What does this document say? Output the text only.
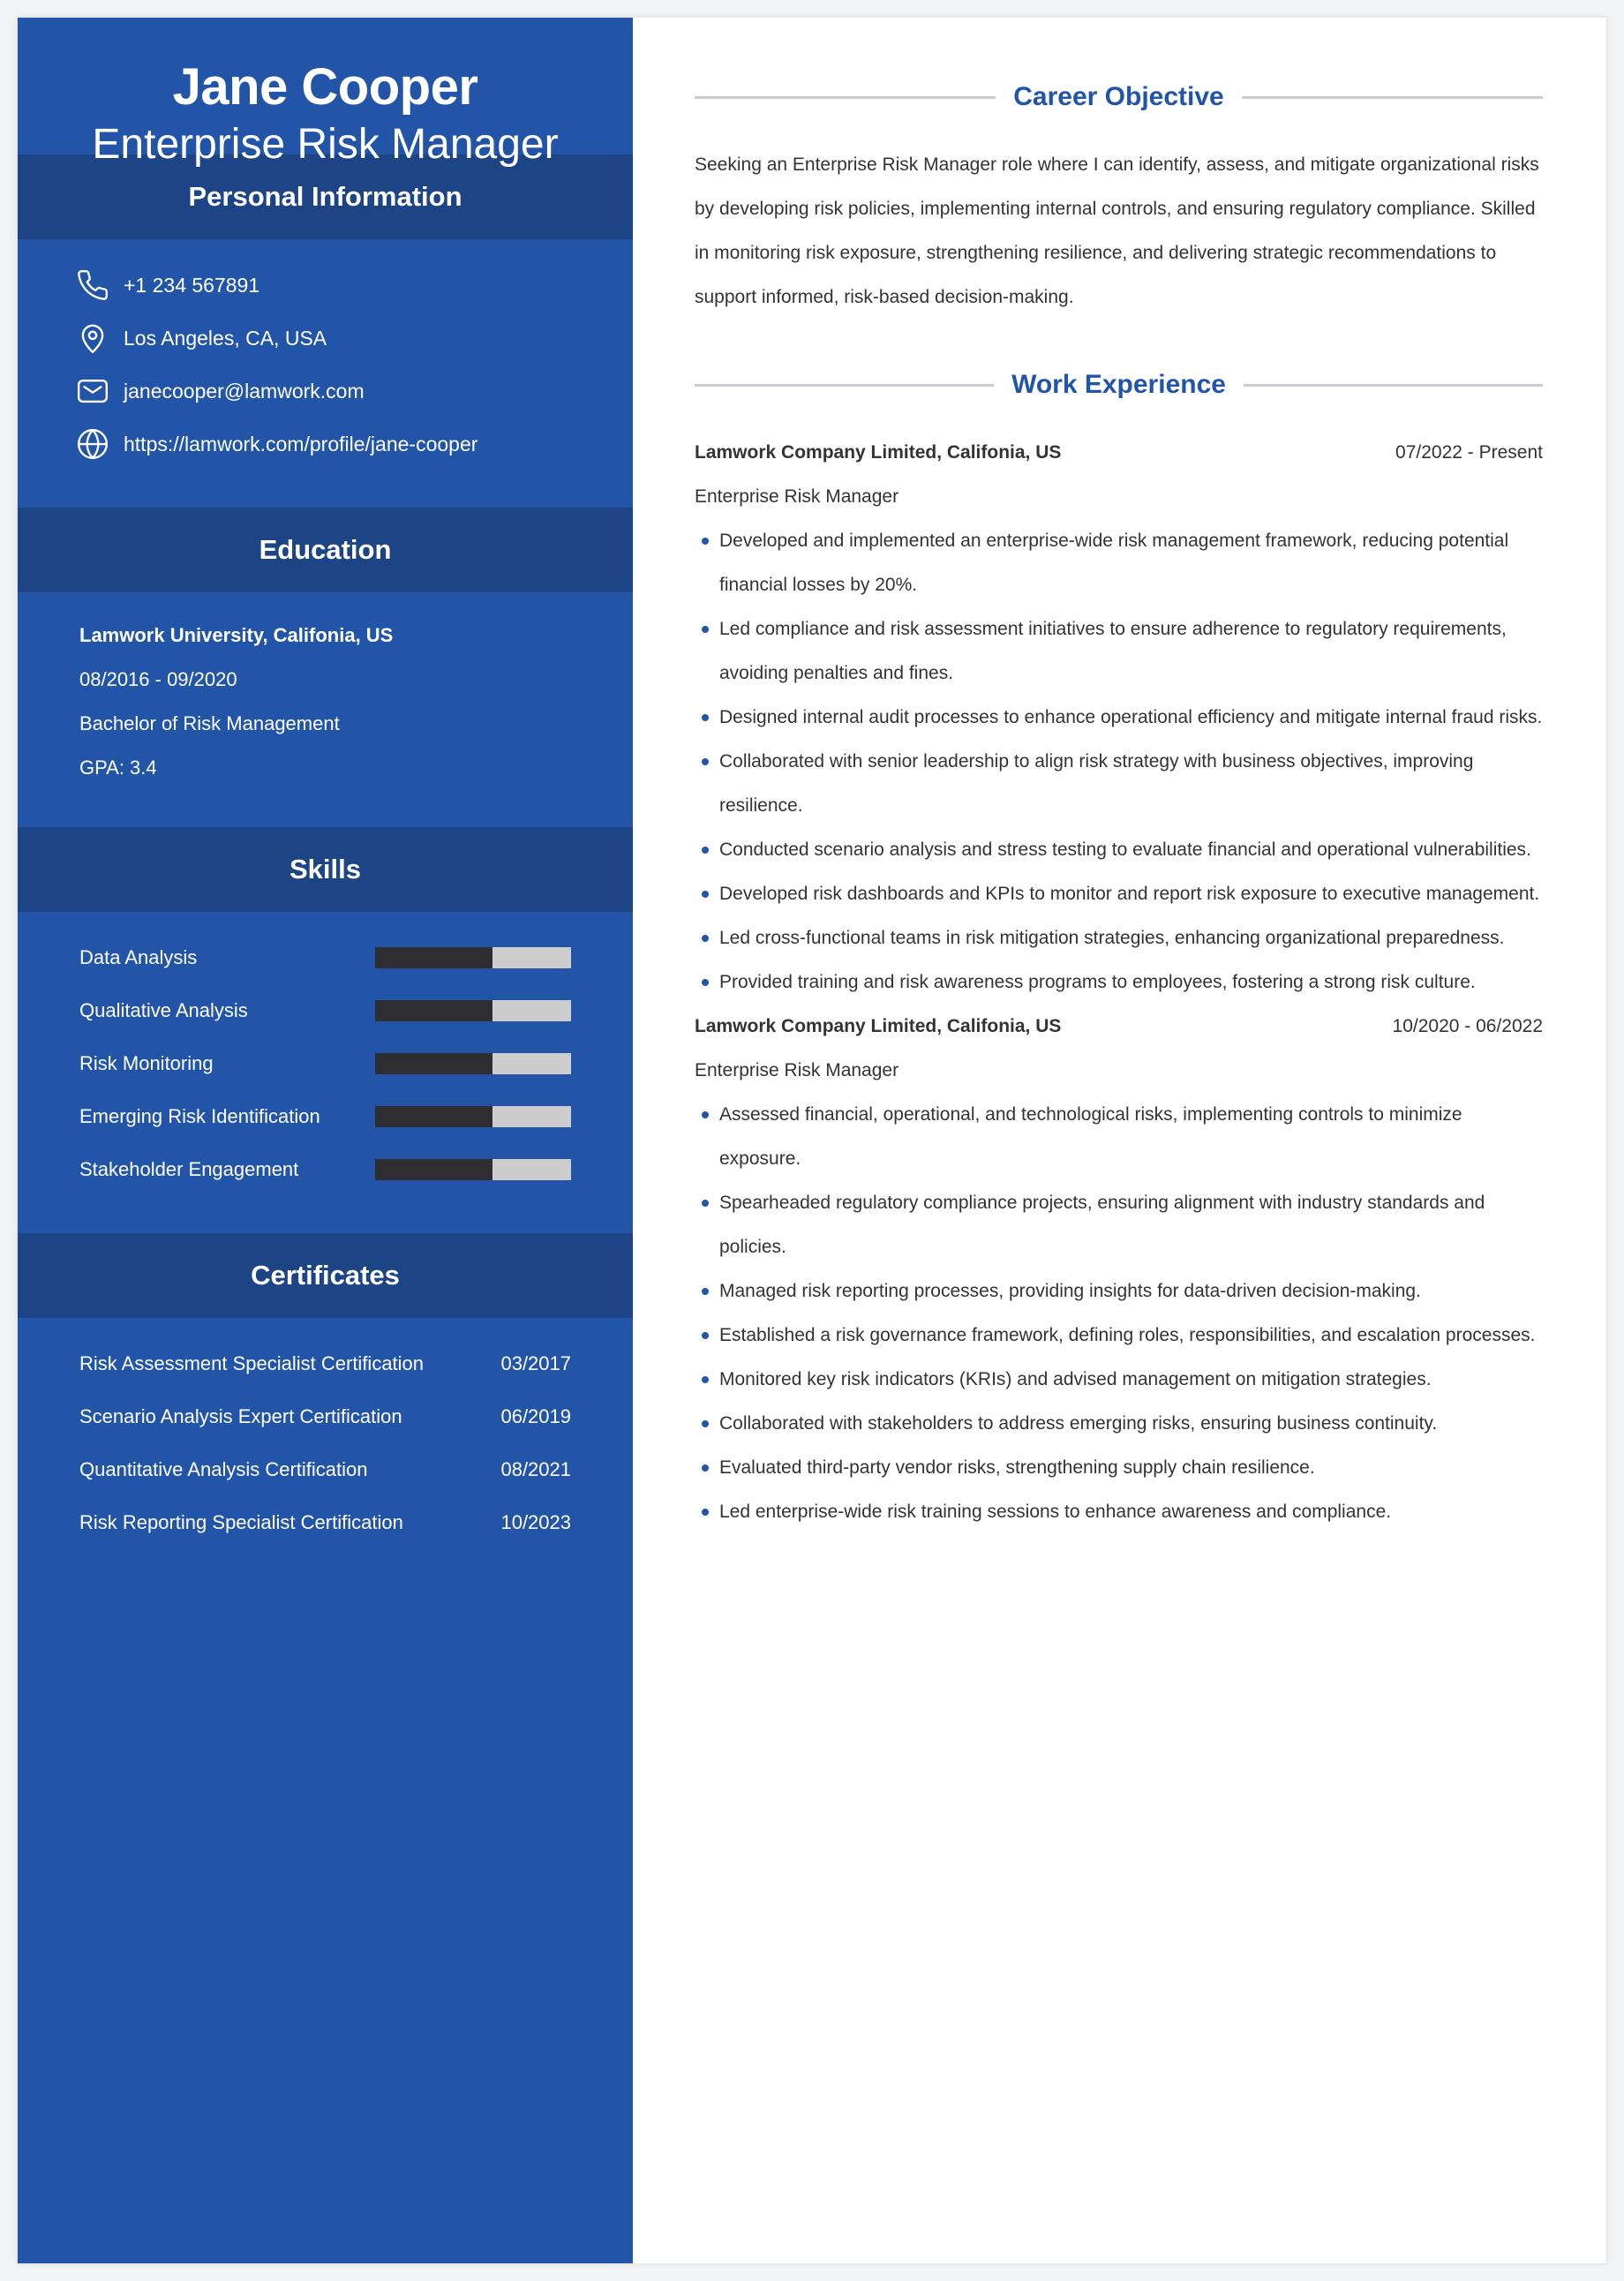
Jane Cooper
Enterprise Risk Manager
Personal Information
+1 234 567891
Los Angeles, CA, USA
janecooper@lamwork.com
https://lamwork.com/profile/jane-cooper
Education
Lamwork University, Califonia, US
08/2016 - 09/2020
Bachelor of Risk Management
GPA: 3.4
Skills
Data Analysis
Qualitative Analysis
Risk Monitoring
Emerging Risk Identification
Stakeholder Engagement
Certificates
Risk Assessment Specialist Certification	03/2017
Scenario Analysis Expert Certification	06/2019
Quantitative Analysis Certification	08/2021
Risk Reporting Specialist Certification	10/2023
Career Objective

Seeking an Enterprise Risk Manager role where I can identify, assess, and mitigate organizational risks by developing risk policies, implementing internal controls, and ensuring regulatory compliance. Skilled in monitoring risk exposure, strengthening resilience, and delivering strategic recommendations to support informed, risk-based decision-making.

Work Experience
Lamwork Company Limited, Califonia, US	07/2022 - Present
Enterprise Risk Manager
Developed and implemented an enterprise-wide risk management framework, reducing potential financial losses by 20%.
Led compliance and risk assessment initiatives to ensure adherence to regulatory requirements, avoiding penalties and fines.
Designed internal audit processes to enhance operational efficiency and mitigate internal fraud risks.
Collaborated with senior leadership to align risk strategy with business objectives, improving resilience.
Conducted scenario analysis and stress testing to evaluate financial and operational vulnerabilities.
Developed risk dashboards and KPIs to monitor and report risk exposure to executive management.
Led cross-functional teams in risk mitigation strategies, enhancing organizational preparedness.
Provided training and risk awareness programs to employees, fostering a strong risk culture.
Lamwork Company Limited, Califonia, US	10/2020 - 06/2022
Enterprise Risk Manager
Assessed financial, operational, and technological risks, implementing controls to minimize exposure.
Spearheaded regulatory compliance projects, ensuring alignment with industry standards and policies.
Managed risk reporting processes, providing insights for data-driven decision-making.
Established a risk governance framework, defining roles, responsibilities, and escalation processes.
Monitored key risk indicators (KRIs) and advised management on mitigation strategies.
Collaborated with stakeholders to address emerging risks, ensuring business continuity.
Evaluated third-party vendor risks, strengthening supply chain resilience.
Led enterprise-wide risk training sessions to enhance awareness and compliance.
